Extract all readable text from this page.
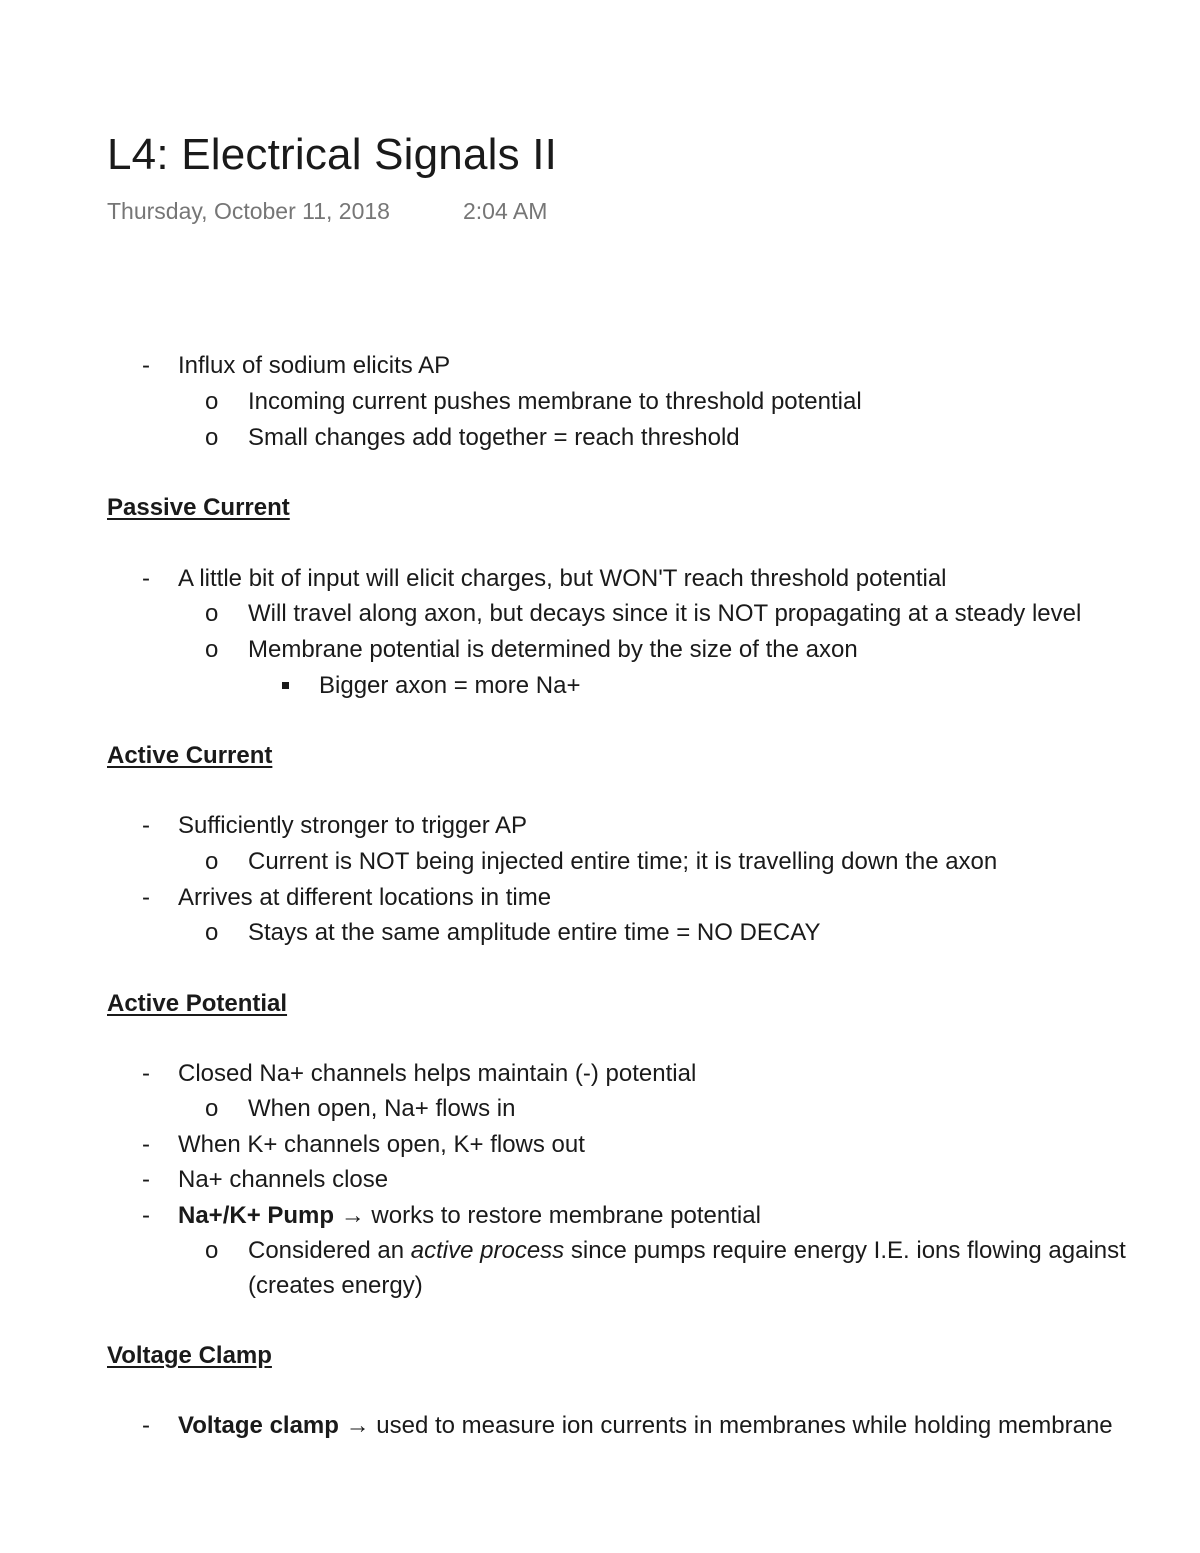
L4: Electrical Signals II
Thursday, October 11, 2018	2:04 AM
- Influx of sodium elicits AP
o Incoming current pushes membrane to threshold potential
o Small changes add together = reach threshold
Passive Current
- A little bit of input will elicit charges, but WON'T reach threshold potential
o Will travel along axon, but decays since it is NOT propagating at a steady level
o Membrane potential is determined by the size of the axon
Bigger axon = more Na+
Active Current
- Sufficiently stronger to trigger AP
o Current is NOT being injected entire time; it is travelling down the axon
- Arrives at different locations in time
o Stays at the same amplitude entire time = NO DECAY
Active Potential
- Closed Na+ channels helps maintain (-) potential
o When open, Na+ flows in
- When K+ channels open, K+ flows out
- Na+ channels close
- Na+/K+ Pump → works to restore membrane potential
o Considered an active process since pumps require energy I.E. ions flowing against
(creates energy)
Voltage Clamp
- Voltage clamp → used to measure ion currents in membranes while holding membrane
